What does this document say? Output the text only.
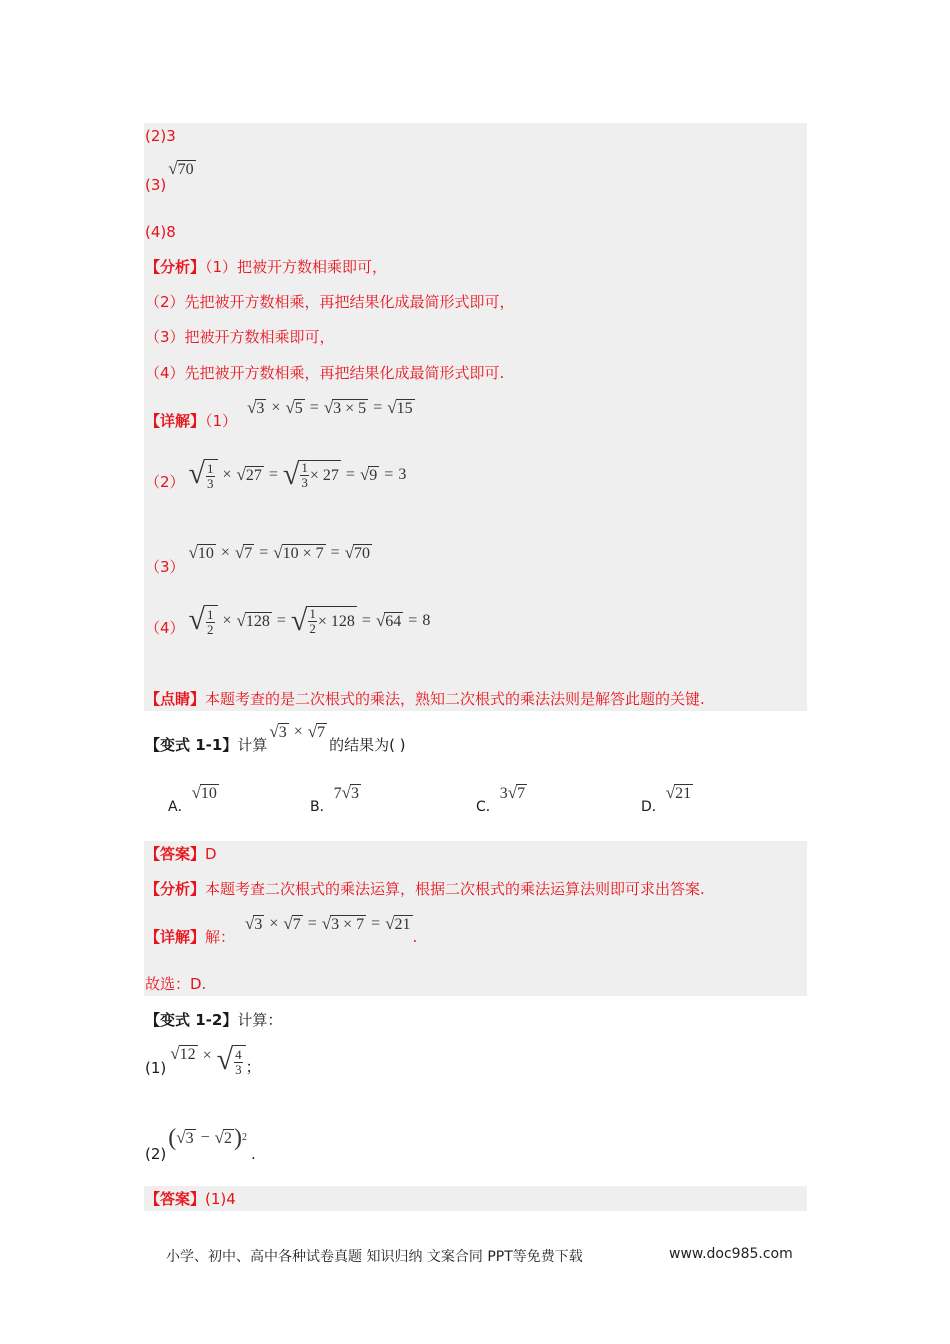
(2)3
(3)
√ 70
(4)8
【分析】（1）把被开方数相乘即可，
（2）先把被开方数相乘，再把结果化成最简形式即可，
（3）把被开方数相乘即可，
（4）先把被开方数相乘，再把结果化成最简形式即可.
【详解】（1）
√ 3 × √ 5 = √ 3 × 5 = √ 15
（2） √ $\frac{1}{3}$ × √ 27 = √ $\frac{1}{3} \times 27$ = √ 9 = 3
（3）
√ 10 × √ 7 = √ 10 × 7 = √ 70
（4） √ $\frac{1}{2}$ × √ 128 = √ $\frac{1}{2} \times 128$ = √ 64 = 8
【点睛】本题考查的是二次根式的乘法，熟知二次根式的乘法法则是解答此题的关键.
【变式 1-1】计算
√ 3 × √ 7
的结果为( )
A．
√ 10
B．
7 √ 3
C．
3 √ 7
D．
√ 21
【答案】D
【分析】本题考查二次根式的乘法运算，根据二次根式的乘法运算法则即可求出答案.
【详解】解：
√ 3 × √ 7 = √ 3 × 7 = √ 21
.
故选：D.
【变式 1-2】计算：
(1)
√ 12 × √ $\frac{4}{3}$ ；
(2)
( √ 3 − √ 2 ) 2
.
【答案】(1)4
小学、初中、高中各种试卷真题 知识归纳 文案合同 PPT等免费下载	www.doc985.com
